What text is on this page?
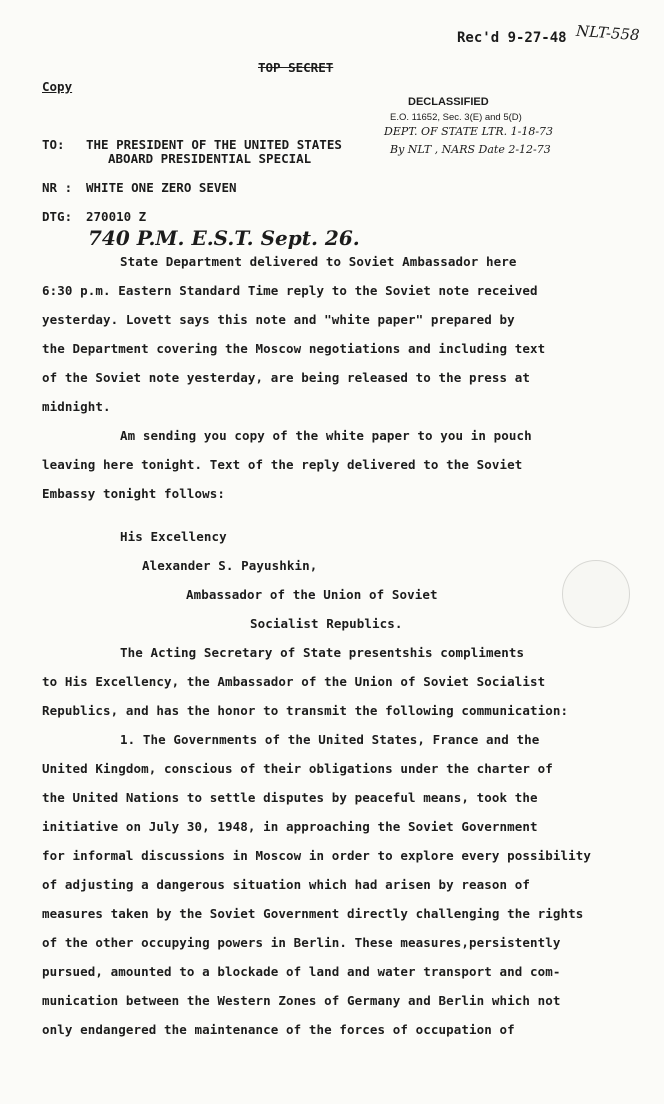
Rec'd 9-27-48 NLT-558
TOP SECRET
Copy
DECLASSIFIED
E.O. 11652, Sec. 3(E) and 5(D)
DEPT. OF STATE LTR. 1-18-73
By NLT , NARS Date 2-12-73
TO: THE PRESIDENT OF THE UNITED STATES
ABOARD PRESIDENTIAL SPECIAL
NR : WHITE ONE ZERO SEVEN
DTG: 270010 Z
740 P.M. E.S.T. Sept. 26.
State Department delivered to Soviet Ambassador here
6:30 p.m. Eastern Standard Time reply to the Soviet note received
yesterday. Lovett says this note and "white paper" prepared by
the Department covering the Moscow negotiations and including text
of the Soviet note yesterday, are being released to the press at
midnight.
Am sending you copy of the white paper to you in pouch
leaving here tonight. Text of the reply delivered to the Soviet
Embassy tonight follows:
His Excellency
Alexander S. Payushkin,
Ambassador of the Union of Soviet
Socialist Republics.
The Acting Secretary of State presentshis compliments
to His Excellency, the Ambassador of the Union of Soviet Socialist
Republics, and has the honor to transmit the following communication:
1. The Governments of the United States, France and the
United Kingdom, conscious of their obligations under the charter of
the United Nations to settle disputes by peaceful means, took the
initiative on July 30, 1948, in approaching the Soviet Government
for informal discussions in Moscow in order to explore every possibility
of adjusting a dangerous situation which had arisen by reason of
measures taken by the Soviet Government directly challenging the rights
of the other occupying powers in Berlin. These measures,persistently
pursued, amounted to a blockade of land and water transport and com-
munication between the Western Zones of Germany and Berlin which not
only endangered the maintenance of the forces of occupation of
